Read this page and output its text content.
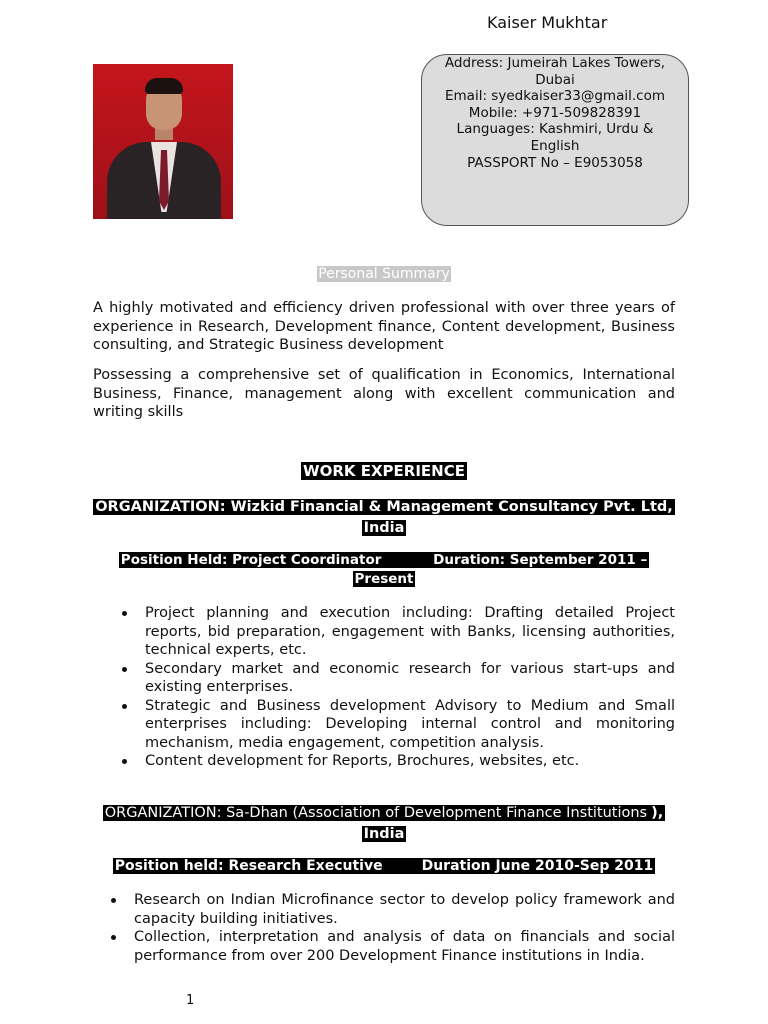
Kaiser Mukhtar
Address: Jumeirah Lakes Towers, Dubai
Email: syedkaiser33@gmail.com
Mobile: +971-509828391
Languages: Kashmiri, Urdu & English
PASSPORT No – E9053058
Personal Summary
A highly motivated and efficiency driven professional with over three years of experience in Research, Development finance, Content development, Business consulting, and Strategic Business development
Possessing a comprehensive set of qualification in Economics, International Business, Finance, management along with excellent communication and writing skills
WORK EXPERIENCE
ORGANIZATION: Wizkid Financial & Management Consultancy Pvt. Ltd, India
Position Held: Project Coordinator	Duration: September 2011 – Present
Project planning and execution including: Drafting detailed Project reports, bid preparation, engagement with Banks, licensing authorities, technical experts, etc.
Secondary market and economic research for various start-ups and existing enterprises.
Strategic and Business development Advisory to Medium and Small enterprises including: Developing internal control and monitoring mechanism, media engagement, competition analysis.
Content development for Reports, Brochures, websites, etc.
ORGANIZATION: Sa-Dhan (Association of Development Finance Institutions ), India
Position held: Research Executive	Duration June 2010-Sep 2011
Research on Indian Microfinance sector to develop policy framework and capacity building initiatives.
Collection, interpretation and analysis of data on financials and social performance from over 200 Development Finance institutions in India.
1
